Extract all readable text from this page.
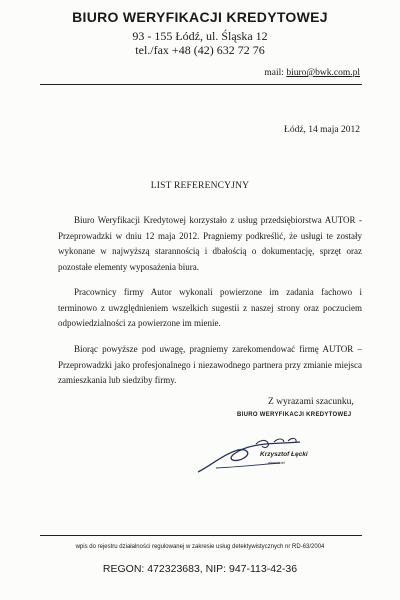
BIURO WERYFIKACJI KREDYTOWEJ
93 - 155 Łódź, ul. Śląska 12
tel./fax +48 (42) 632 72 76
mail: biuro@bwk.com.pl
Łódź, 14 maja 2012
LIST REFERENCYJNY

Biuro Weryfikacji Kredytowej korzystało z usług przedsiębiorstwa AUTOR - Przeprowadzki w dniu 12 maja 2012. Pragniemy podkreślić, że usługi te zostały wykonane w najwyższą starannością i dbałością o dokumentację, sprzęt oraz pozostałe elementy wyposażenia biura.

Pracownicy firmy Autor wykonali powierzone im zadania fachowo i terminowo z uwzględnieniem wszelkich sugestii z naszej strony oraz poczuciem odpowiedzialności za powierzone im mienie.

Biorąc powyższe pod uwagę, pragniemy zarekomendować firmę AUTOR – Przeprowadzki jako profesjonalnego i niezawodnego partnera przy zmianie miejsca zamieszkania lub siedziby firmy.

Z wyrazami szacunku,
BIURO WERYFIKACJI KREDYTOWEJ
Krzysztof Łęcki
właściciel
wpis do rejestru działalności regulowanej w zakresie usług detektywistycznych nr RD-63/2004
REGON: 472323683, NIP: 947-113-42-36
